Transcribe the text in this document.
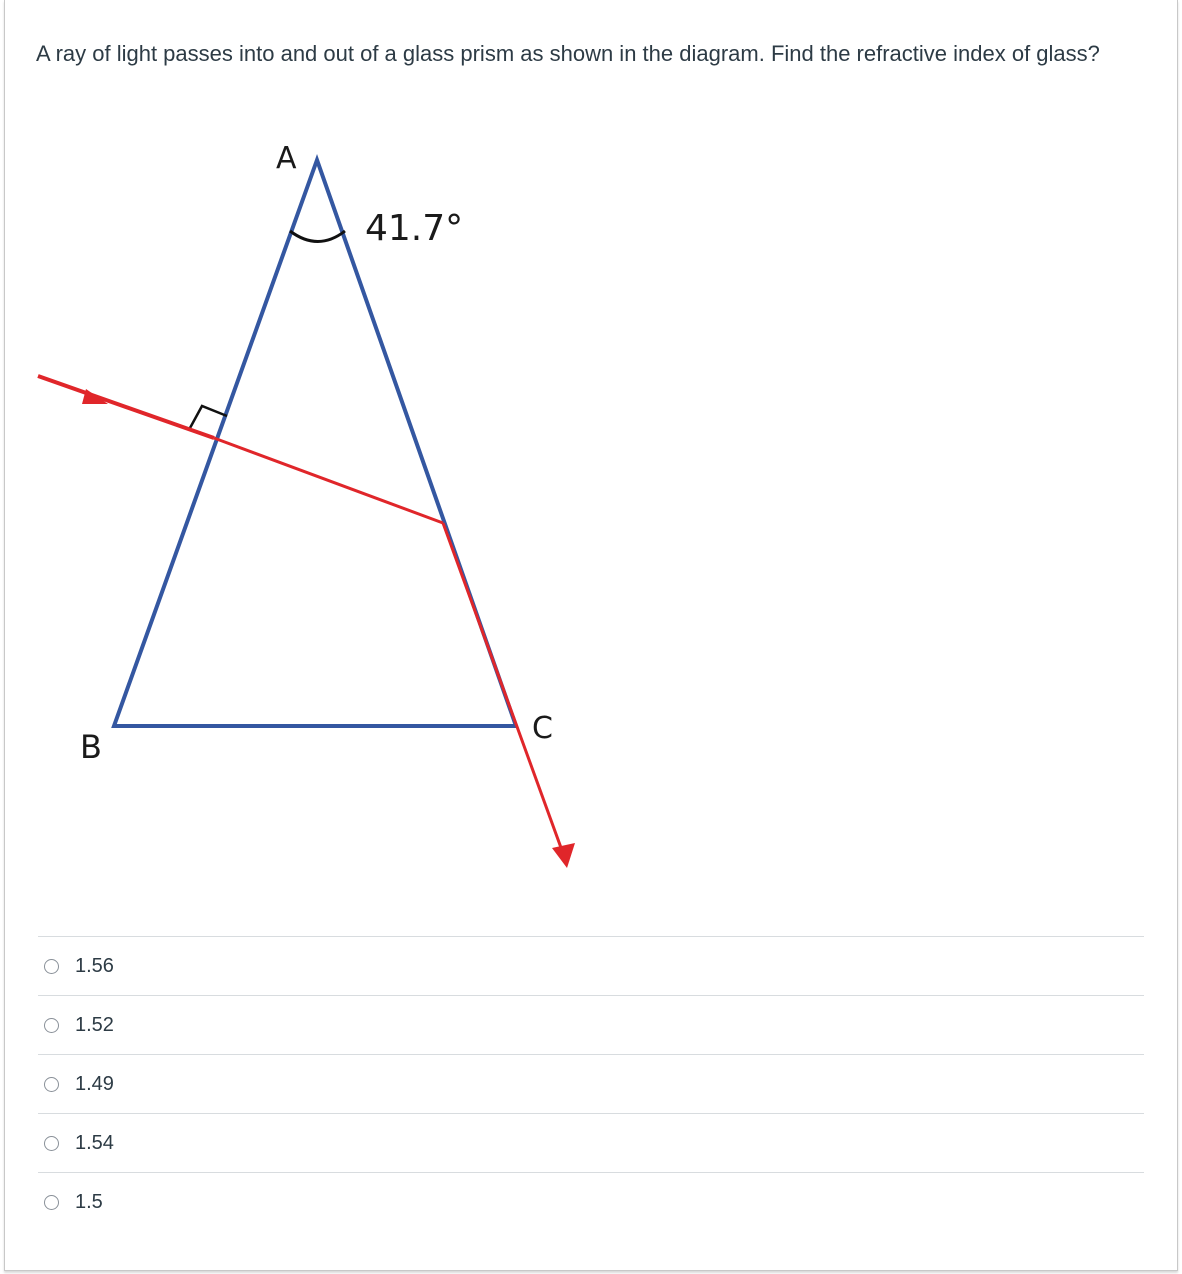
A ray of light passes into and out of a glass prism as shown in the diagram. Find the refractive index of glass?
A
B	C
41.7°
1.56
1.52
1.49
1.54
1.5
